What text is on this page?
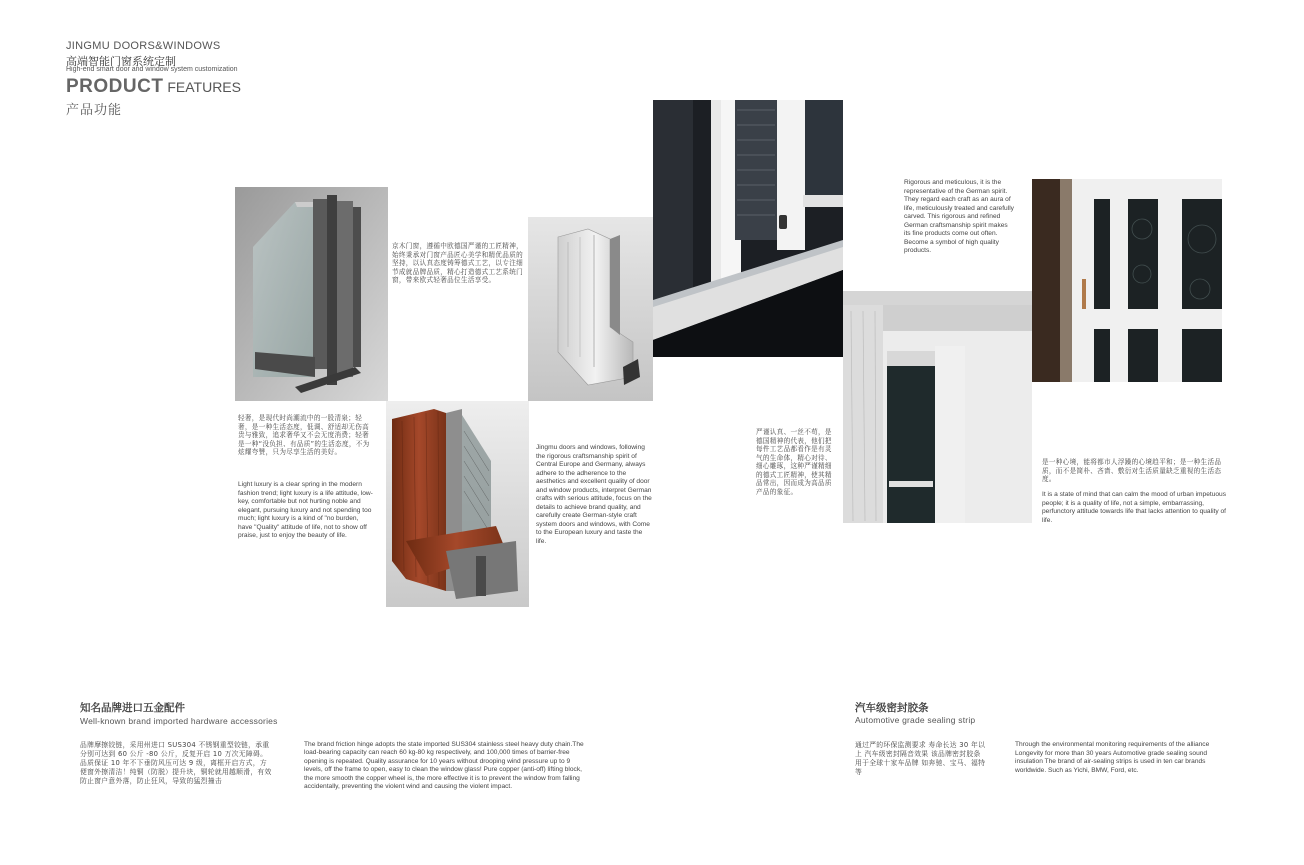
JINGMU DOORS&WINDOWS
高端智能门窗系统定制
High-end smart door and window system customization
PRODUCT FEATURES
产品功能
京木门窗，遵循中欧德国严谨的工匠精神，始终秉承对门窗产品匠心美学和精优品质的坚持，以认真态度铸筹德式工艺，以专注细节成就品牌品质，精心打造德式工艺系统门窗，带来欧式轻奢品位生活享受。
Rigorous and meticulous, it is the representative of the German spirit. They regard each craft as an aura of life, meticulously treated and carefully carved. This rigorous and refined German craftsmanship spirit makes its fine products come out often. Become a symbol of high quality products.
轻奢，是现代时尚潮流中的一股清泉；轻奢，是一种生活态度，低调、舒适却无伤高贵与雅致，追求奢华又不会无度消费；轻奢是一种“没负担、有品质”的生活态度，不为炫耀夸赞，只为尽享生活的美好。
Light luxury is a clear spring in the modern fashion trend; light luxury is a life attitude, low-key, comfortable but not hurting noble and elegant, pursuing luxury and not spending too much; light luxury is a kind of "no burden, have "Quality" attitude of life, not to show off praise, just to enjoy the beauty of life.
Jingmu doors and windows, following the rigorous craftsmanship spirit of Central Europe and Germany, always adhere to the adherence to the aesthetics and excellent quality of door and window products, interpret German crafts with serious attitude, focus on the details to achieve brand quality, and carefully create German-style craft system doors and windows, with Come to the European luxury and taste the life.
严谨认真、一丝不苟，是德国精神的代表，他们把每件工艺品都看作是有灵气的生命体，精心对待、细心雕琢，这种严谨精细的德式工匠精神，使其精品常出，因而成为高品质产品的象征。
是一种心境，能将都市人浮躁的心境趋平和；是一种生活品质，而不是简朴、吝啬、敷衍对生活质量缺乏重视的生活态度。
It is a state of mind that can calm the mood of urban impetuous people; it is a quality of life, not a simple, embarrassing, perfunctory attitude towards life that lacks attention to quality of life.
知名品牌进口五金配件
Well-known brand imported hardware accessories
品牌摩擦铰链，采用州进口 SUS304 不锈钢重型铰链，承重分别可达到 60 公斤 -80 公斤，反复开启 10 万次无障碍。品质保证 10 年不下垂防风压可达 9 级，离框开启方式，方便窗外擦清洁！纯铜（防脱）提升块，铜轮就用越顺滑，有效防止窗户意外落，防止狂风，导致的猛烈撞击
The brand friction hinge adopts the state imported SUS304 stainless steel heavy duty chain.The load-bearing capacity can reach 60 kg-80 kg respectively, and 100,000 times of barrier-free opening is repeated. Quality assurance for 10 years without drooping wind pressure up to 9 levels, off the frame to open, easy to clean the window glass! Pure copper (anti-off) lifting block, the more smooth the copper wheel is, the more effective it is to prevent the window from falling accidentally, preventing the violent wind and causing the violent impact.
汽车级密封胶条
Automotive grade sealing strip
通过严的环保监测要求 寿命长达 30 年以上 汽车级密封隔音效果 该品牌密封胶条用于全球十家车品牌 如奔驰、宝马、福特等
Through the environmental monitoring requirements of the alliance Longevity for more than 30 years Automotive grade sealing sound insulation The brand of air-sealing strips is used in ten car brands worldwide. Such as Yichi, BMW, Ford, etc.
